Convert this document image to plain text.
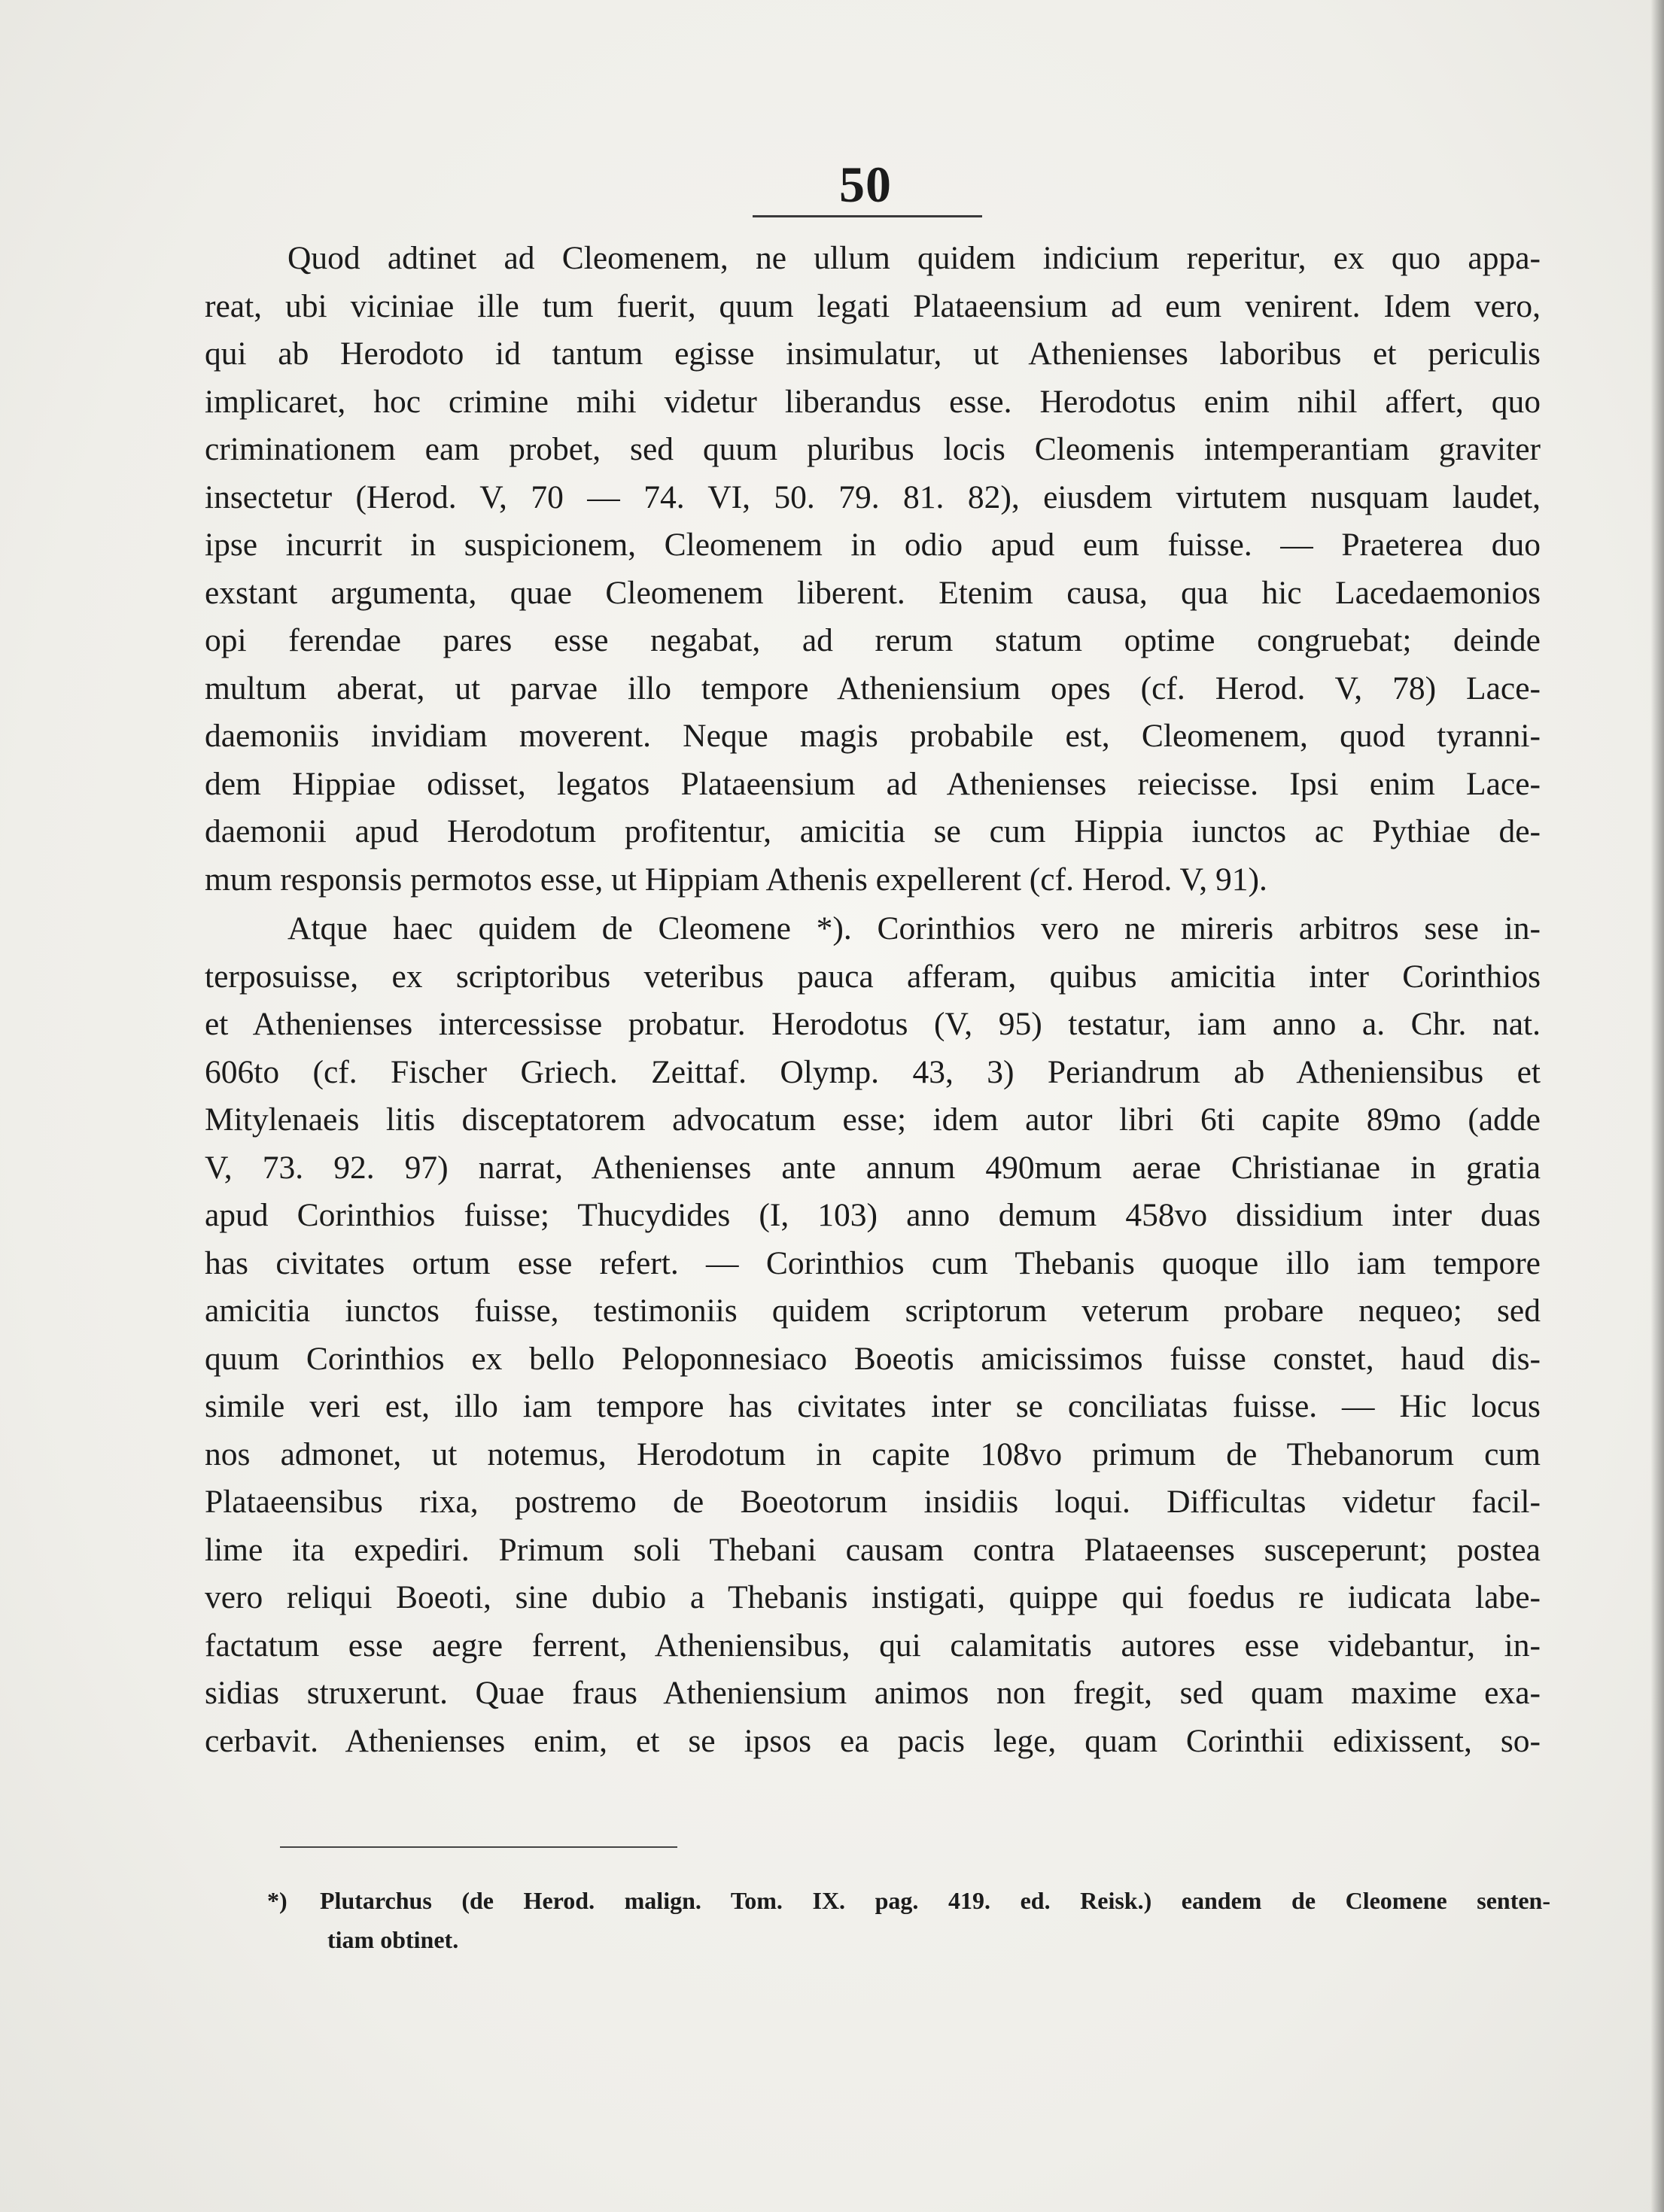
50
Quod adtinet ad Cleomenem, ne ullum quidem indicium reperitur, ex quo appa-
reat, ubi viciniae ille tum fuerit, quum legati Plataeensium ad eum venirent. Idem vero,
qui ab Herodoto id tantum egisse insimulatur, ut Athenienses laboribus et periculis
implicaret, hoc crimine mihi videtur liberandus esse. Herodotus enim nihil affert, quo
criminationem eam probet, sed quum pluribus locis Cleomenis intemperantiam graviter
insectetur (Herod. V, 70 — 74. VI, 50. 79. 81. 82), eiusdem virtutem nusquam laudet,
ipse incurrit in suspicionem, Cleomenem in odio apud eum fuisse. — Praeterea duo
exstant argumenta, quae Cleomenem liberent. Etenim causa, qua hic Lacedaemonios
opi ferendae pares esse negabat, ad rerum statum optime congruebat; deinde
multum aberat, ut parvae illo tempore Atheniensium opes (cf. Herod. V, 78) Lace-
daemoniis invidiam moverent. Neque magis probabile est, Cleomenem, quod tyranni-
dem Hippiae odisset, legatos Plataeensium ad Athenienses reiecisse. Ipsi enim Lace-
daemonii apud Herodotum profitentur, amicitia se cum Hippia iunctos ac Pythiae de-
mum responsis permotos esse, ut Hippiam Athenis expellerent (cf. Herod. V, 91).
Atque haec quidem de Cleomene *). Corinthios vero ne mireris arbitros sese in-
terposuisse, ex scriptoribus veteribus pauca afferam, quibus amicitia inter Corinthios
et Athenienses intercessisse probatur. Herodotus (V, 95) testatur, iam anno a. Chr. nat.
606to (cf. Fischer Griech. Zeittaf. Olymp. 43, 3) Periandrum ab Atheniensibus et
Mitylenaeis litis disceptatorem advocatum esse; idem autor libri 6ti capite 89mo (adde
V, 73. 92. 97) narrat, Athenienses ante annum 490mum aerae Christianae in gratia
apud Corinthios fuisse; Thucydides (I, 103) anno demum 458vo dissidium inter duas
has civitates ortum esse refert. — Corinthios cum Thebanis quoque illo iam tempore
amicitia iunctos fuisse, testimoniis quidem scriptorum veterum probare nequeo; sed
quum Corinthios ex bello Peloponnesiaco Boeotis amicissimos fuisse constet, haud dis-
simile veri est, illo iam tempore has civitates inter se conciliatas fuisse. — Hic locus
nos admonet, ut notemus, Herodotum in capite 108vo primum de Thebanorum cum
Plataeensibus rixa, postremo de Boeotorum insidiis loqui. Difficultas videtur facil-
lime ita expediri. Primum soli Thebani causam contra Plataeenses susceperunt; postea
vero reliqui Boeoti, sine dubio a Thebanis instigati, quippe qui foedus re iudicata labe-
factatum esse aegre ferrent, Atheniensibus, qui calamitatis autores esse videbantur, in-
sidias struxerunt. Quae fraus Atheniensium animos non fregit, sed quam maxime exa-
cerbavit. Athenienses enim, et se ipsos ea pacis lege, quam Corinthii edixissent, so-
*) Plutarchus (de Herod. malign. Tom. IX. pag. 419. ed. Reisk.) eandem de Cleomene senten-
tiam obtinet.
